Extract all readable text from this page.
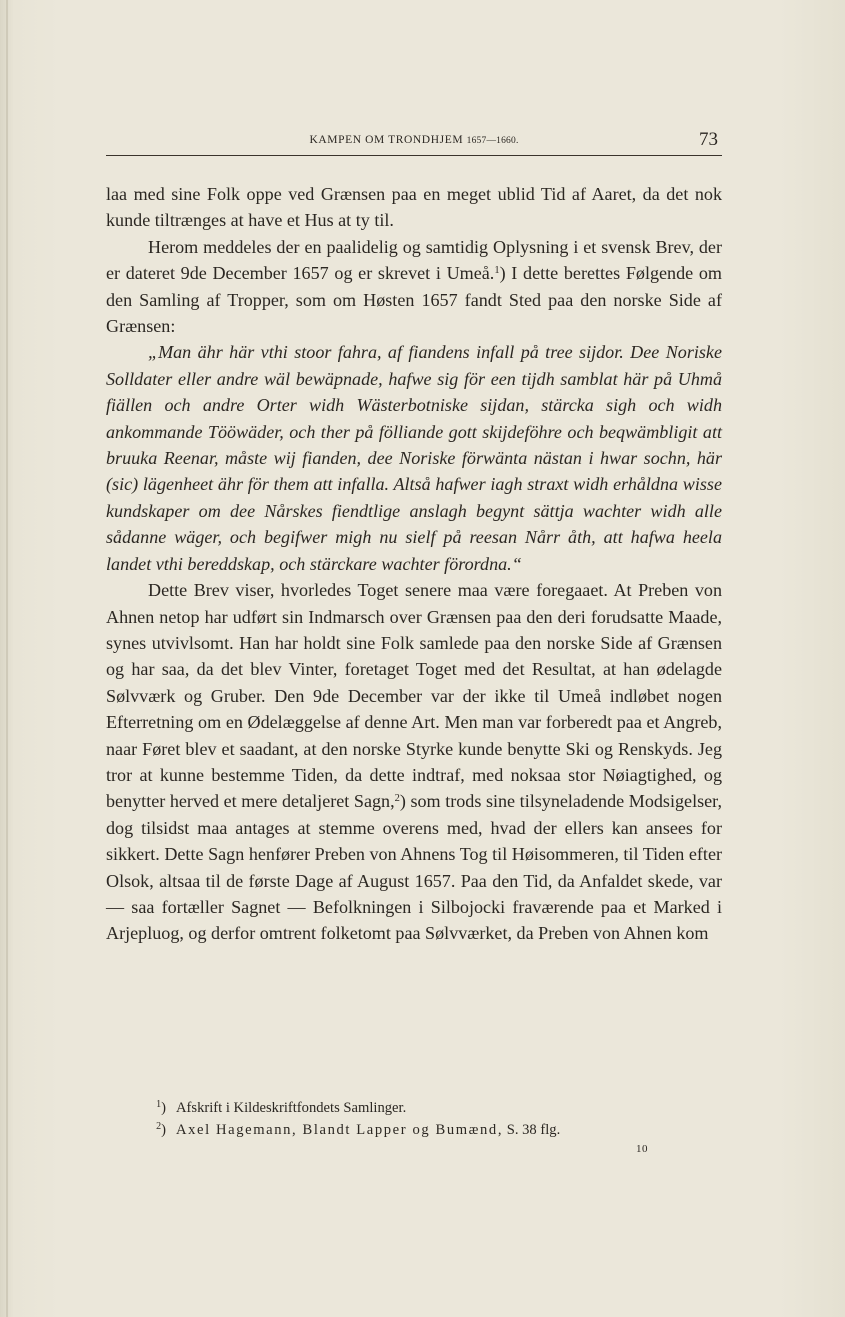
KAMPEN OM TRONDHJEM 1657—1660.	73

laa med sine Folk oppe ved Grænsen paa en meget ublid Tid af Aaret, da det nok kunde tiltrænges at have et Hus at ty til.

Herom meddeles der en paalidelig og samtidig Oplysning i et svensk Brev, der er dateret 9de December 1657 og er skrevet i Umeå.$^1$) I dette berettes Følgende om den Samling af Tropper, som om Høsten 1657 fandt Sted paa den norske Side af Grænsen:

„Man ähr här vthi stoor fahra, af fiandens infall på tree sijdor. Dee Noriske Solldater eller andre wäl bewäpnade, hafwe sig för een tijdh samblat här på Uhmå fiällen och andre Orter widh Wästerbotniske sijdan, stärcka sigh och widh ankommande Tööwäder, och ther på fölliande gott skijdeföhre och beqwämbligit att bruuka Reenar, måste wij fianden, dee Noriske förwänta nästan i hwar sochn, här (sic) lägenheet ähr för them att infalla. Altså hafwer iagh straxt widh erhåldna wisse kundskaper om dee Nårskes fiendtlige anslagh begynt sättja wachter widh alle sådanne wäger, och begifwer migh nu sielf på reesan Nårr åth, att hafwa heela landet vthi bereddskap, och stärckare wachter förordna.“

Dette Brev viser, hvorledes Toget senere maa være foregaaet. At Preben von Ahnen netop har udført sin Indmarsch over Grænsen paa den deri forudsatte Maade, synes utvivlsomt. Han har holdt sine Folk samlede paa den norske Side af Grænsen og har saa, da det blev Vinter, foretaget Toget med det Resultat, at han ødelagde Sølvværk og Gruber. Den 9de December var der ikke til Umeå indløbet nogen Efterretning om en Ødelæggelse af denne Art. Men man var forberedt paa et Angreb, naar Føret blev et saadant, at den norske Styrke kunde benytte Ski og Renskyds. Jeg tror at kunne bestemme Tiden, da dette indtraf, med noksaa stor Nøiagtighed, og benytter herved et mere detaljeret Sagn,$^2$) som trods sine tilsyneladende Modsigelser, dog tilsidst maa antages at stemme overens med, hvad der ellers kan ansees for sikkert. Dette Sagn henfører Preben von Ahnens Tog til Høisommeren, til Tiden efter Olsok, altsaa til de første Dage af August 1657. Paa den Tid, da Anfaldet skede, var — saa fortæller Sagnet — Befolkningen i Silbojocki fraværende paa et Marked i Arjepluog, og derfor omtrent folketomt paa Sølvværket, da Preben von Ahnen kom

$^1$) Afskrift i Kildeskriftfondets Samlinger.
$^2$) Axel Hagemann, Blandt Lapper og Bumænd, S. 38 flg.
10
